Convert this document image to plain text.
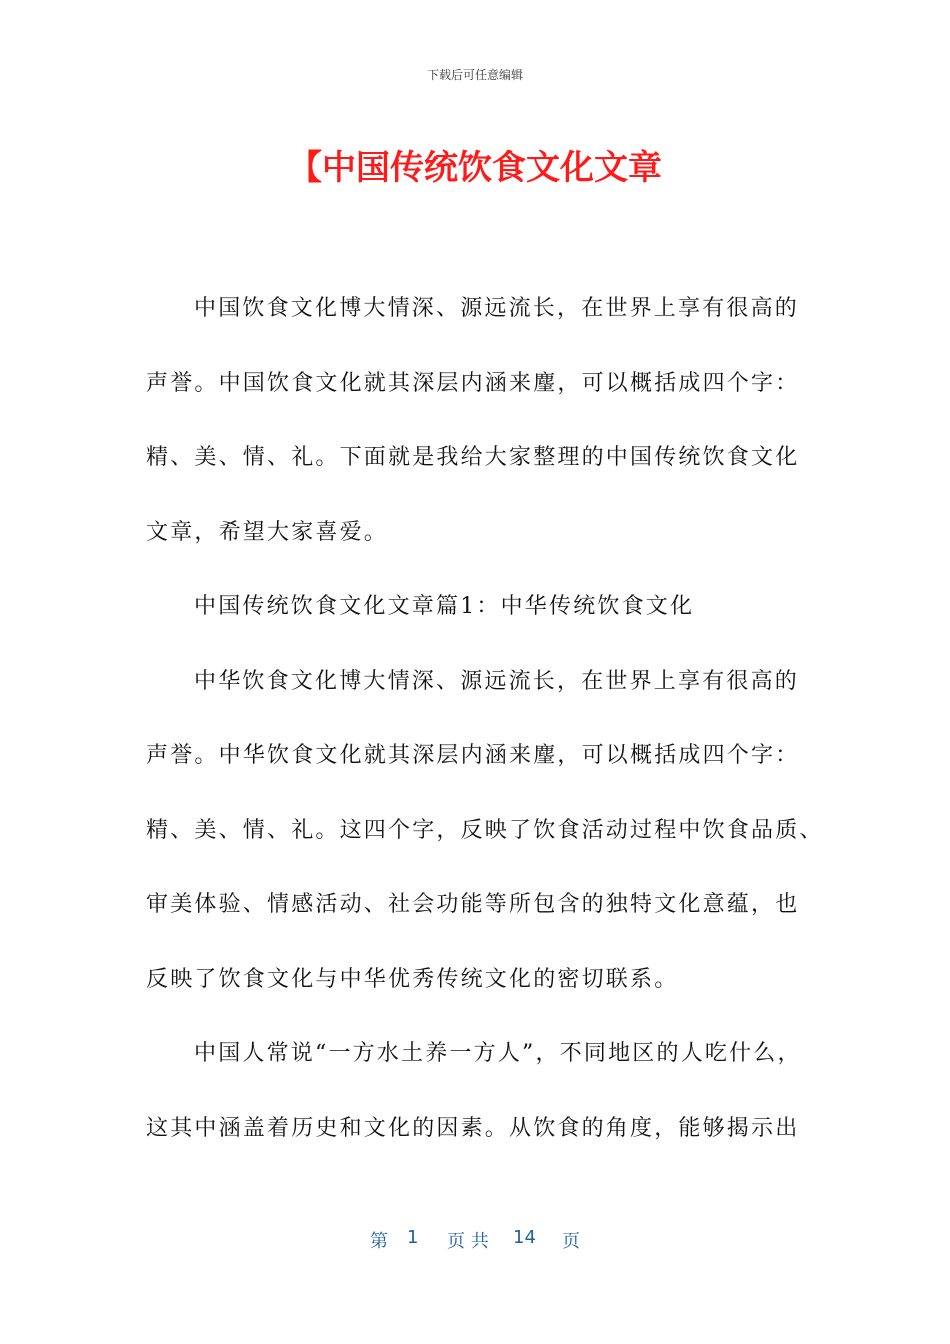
下载后可任意编辑
【中国传统饮食文化文章
中国饮食文化博大情深、源远流长，在世界上享有很高的
声誉。中国饮食文化就其深层内涵来麈，可以概括成四个字：
精、美、情、礼。下面就是我给大家整理的中国传统饮食文化
文章，希望大家喜爱。
中国传统饮食文化文章篇1：中华传统饮食文化
中华饮食文化博大情深、源远流长，在世界上享有很高的
声誉。中华饮食文化就其深层内涵来麈，可以概括成四个字：
精、美、情、礼。这四个字，反映了饮食活动过程中饮食品质、
审美体验、情感活动、社会功能等所包含的独特文化意蕴，也
反映了饮食文化与中华优秀传统文化的密切联系。
中国人常说“一方水土养一方人”，不同地区的人吃什么，
这其中涵盖着历史和文化的因素。从饮食的角度，能够揭示出
第 1 页 共 14 页
